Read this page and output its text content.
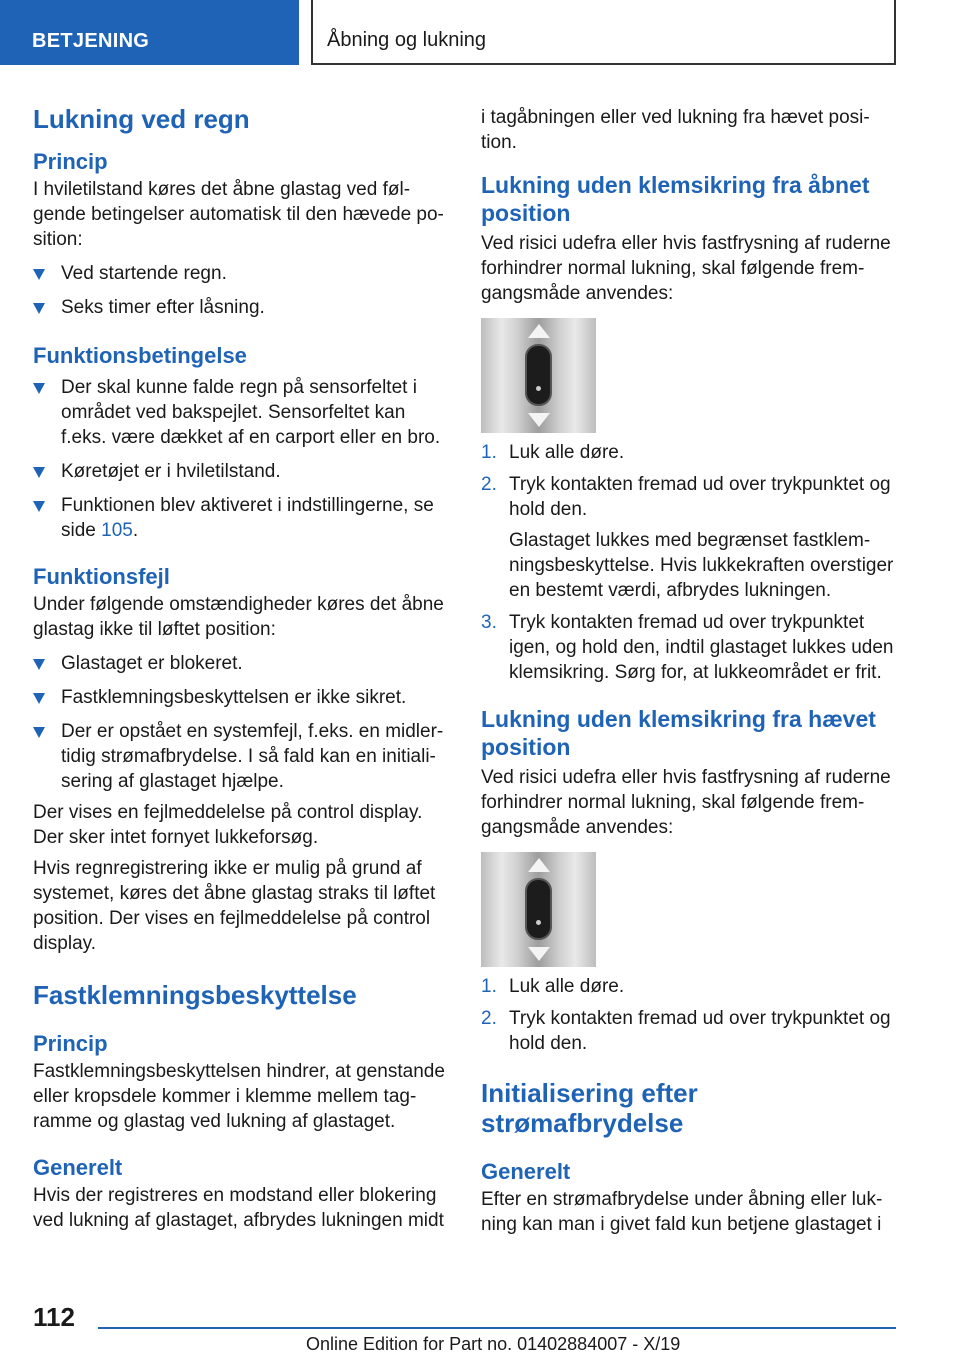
BETJENING	Åbning og lukning
Lukning ved regn
Princip

I hviletilstand køres det åbne glastag ved føl-gende betingelser automatisk til den hævede po-sition:

Ved startende regn.
Seks timer efter låsning.
Funktionsbetingelse
Der skal kunne falde regn på sensorfeltet i området ved bakspejlet. Sensorfeltet kan f.eks. være dækket af en carport eller en bro.
Køretøjet er i hviletilstand.
Funktionen blev aktiveret i indstillingerne, se side 105.
Funktionsfejl

Under følgende omstændigheder køres det åbne glastag ikke til løftet position:

Glastaget er blokeret.
Fastklemningsbeskyttelsen er ikke sikret.
Der er opstået en systemfejl, f.eks. en midler-tidig strømafbrydelse. I så fald kan en initiali-sering af glastaget hjælpe.

Der vises en fejlmeddelelse på control display. Der sker intet fornyet lukkeforsøg.

Hvis regnregistrering ikke er mulig på grund af systemet, køres det åbne glastag straks til løftet position. Der vises en fejlmeddelelse på control display.

Fastklemningsbeskyttelse
Princip

Fastklemningsbeskyttelsen hindrer, at genstande eller kropsdele kommer i klemme mellem tag-ramme og glastag ved lukning af glastaget.

Generelt

Hvis der registreres en modstand eller blokering ved lukning af glastaget, afbrydes lukningen midt

i tagåbningen eller ved lukning fra hævet posi-tion.

Lukning uden klemsikring fra åbnet position

Ved risici udefra eller hvis fastfrysning af ruderne forhindrer normal lukning, skal følgende frem-gangsmåde anvendes:

1. Luk alle døre.
2. Tryk kontakten fremad ud over trykpunktet og hold den.
Glastaget lukkes med begrænset fastklem-ningsbeskyttelse. Hvis lukkekraften overstiger en bestemt værdi, afbrydes lukningen.
3. Tryk kontakten fremad ud over trykpunktet igen, og hold den, indtil glastaget lukkes uden klemsikring. Sørg for, at lukkeområdet er frit.
Lukning uden klemsikring fra hævet position

Ved risici udefra eller hvis fastfrysning af ruderne forhindrer normal lukning, skal følgende frem-gangsmåde anvendes:

1. Luk alle døre.
2. Tryk kontakten fremad ud over trykpunktet og hold den.
Initialisering efter strømafbrydelse
Generelt

Efter en strømafbrydelse under åbning eller luk-ning kan man i givet fald kun betjene glastaget i

112
Online Edition for Part no. 01402884007 - X/19
